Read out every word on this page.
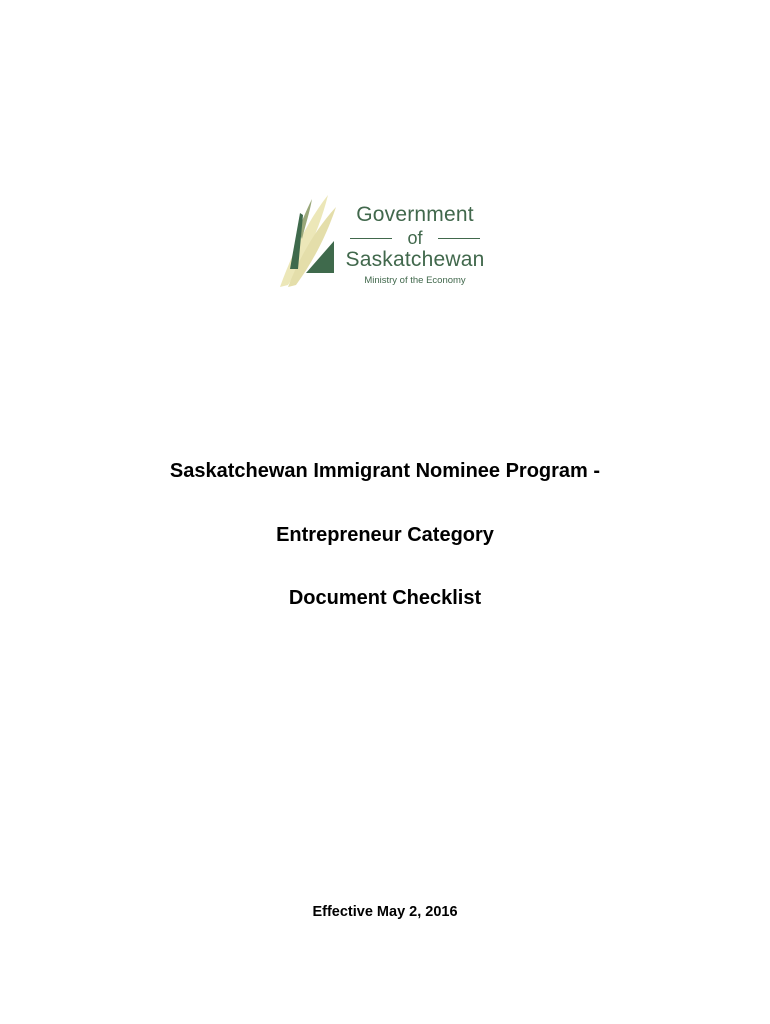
Government
of
Saskatchewan
Ministry of the Economy
Saskatchewan Immigrant Nominee Program -
Entrepreneur Category
Document Checklist
Effective May 2, 2016
